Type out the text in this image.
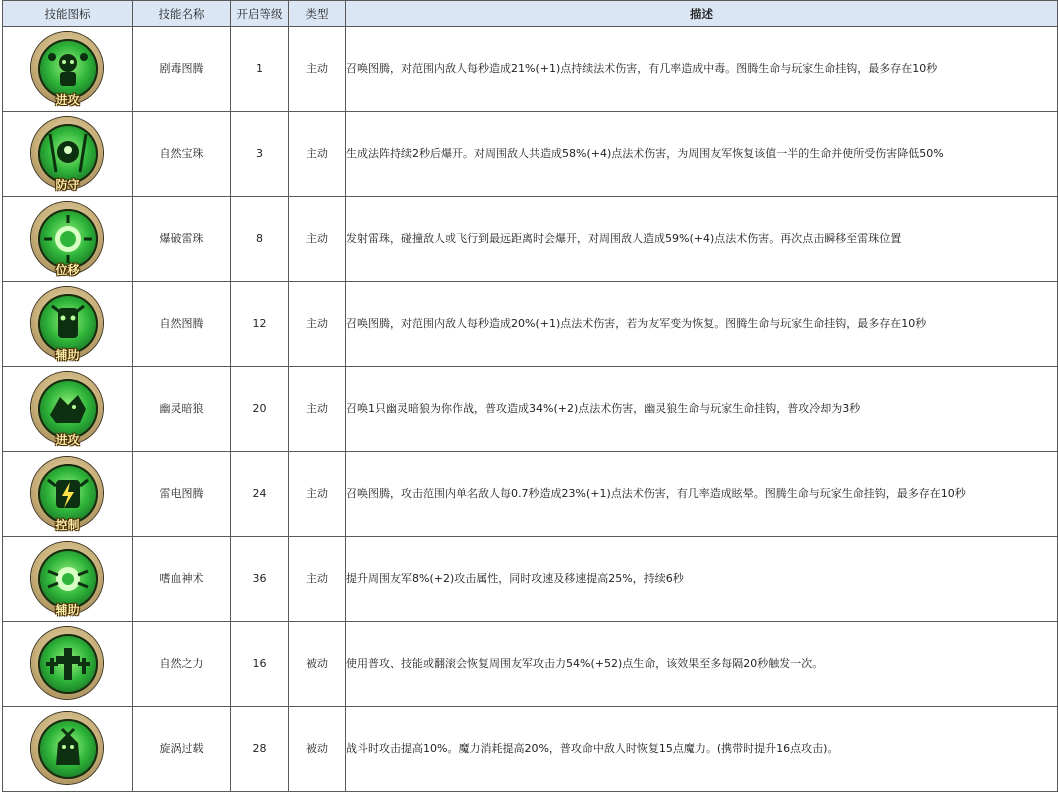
技能图标	技能名称	开启等级	类型	描述

进攻	剧毒图腾	1	主动	召唤图腾，对范围内敌人每秒造成21%(+1)点持续法术伤害，有几率造成中毒。图腾生命与玩家生命挂钩，最多存在10秒

防守	自然宝珠	3	主动	生成法阵持续2秒后爆开。对周围敌人共造成58%(+4)点法术伤害，为周围友军恢复该值一半的生命并使所受伤害降低50%

位移	爆破雷珠	8	主动	发射雷珠，碰撞敌人或飞行到最远距离时会爆开，对周围敌人造成59%(+4)点法术伤害。再次点击瞬移至雷珠位置

辅助	自然图腾	12	主动	召唤图腾，对范围内敌人每秒造成20%(+1)点法术伤害，若为友军变为恢复。图腾生命与玩家生命挂钩，最多存在10秒

进攻	幽灵暗狼	20	主动	召唤1只幽灵暗狼为你作战，普攻造成34%(+2)点法术伤害，幽灵狼生命与玩家生命挂钩，普攻冷却为3秒

控制	雷电图腾	24	主动	召唤图腾，攻击范围内单名敌人每0.7秒造成23%(+1)点法术伤害，有几率造成眩晕。图腾生命与玩家生命挂钩，最多存在10秒

辅助	嗜血神术	36	主动	提升周围友军8%(+2)攻击属性，同时攻速及移速提高25%，持续6秒

	自然之力	16	被动	使用普攻、技能或翻滚会恢复周围友军攻击力54%(+52)点生命，该效果至多每隔20秒触发一次。

	旋涡过载	28	被动	战斗时攻击提高10%。魔力消耗提高20%，普攻命中敌人时恢复15点魔力。(携带时提升16点攻击)。
